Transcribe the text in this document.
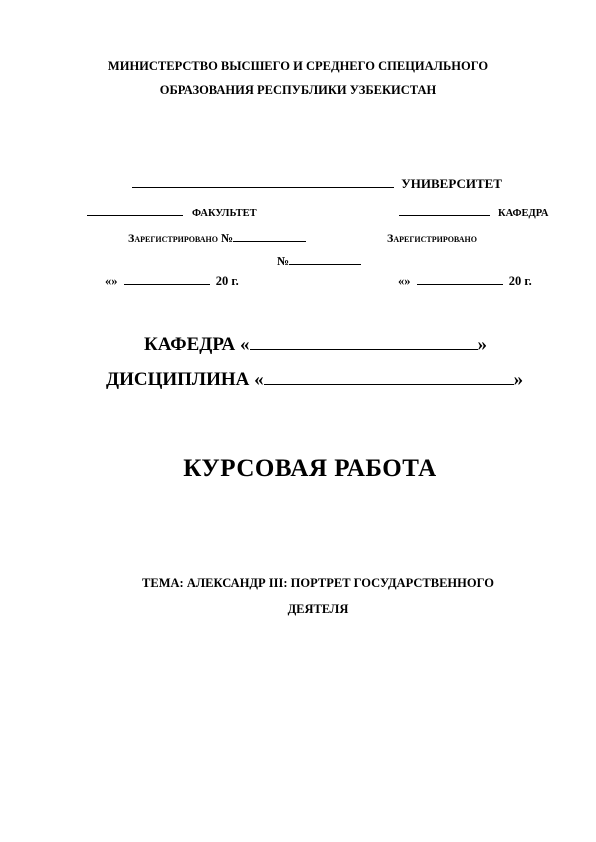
МИНИСТЕРСТВО ВЫСШЕГО И СРЕДНЕГО СПЕЦИАЛЬНОГО
ОБРАЗОВАНИЯ РЕСПУБЛИКИ УЗБЕКИСТАН
УНИВЕРСИТЕТ
ФАКУЛЬТЕТ	КАФЕДРА
Зарегистрировано №	Зарегистрировано
№
«»	20 г.	«»	20 г.
КАФЕДРА «	»
ДИСЦИПЛИНА «	»
КУРСОВАЯ РАБОТА
ТЕМА: АЛЕКСАНДР III: ПОРТРЕТ ГОСУДАРСТВЕННОГО
ДЕЯТЕЛЯ
